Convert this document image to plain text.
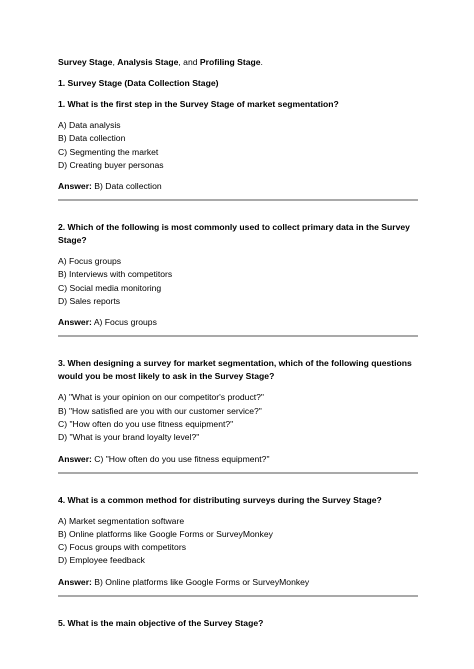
Survey Stage, Analysis Stage, and Profiling Stage.
1. Survey Stage (Data Collection Stage)
1. What is the first step in the Survey Stage of market segmentation?
A) Data analysis
B) Data collection
C) Segmenting the market
D) Creating buyer personas
Answer: B) Data collection
2. Which of the following is most commonly used to collect primary data in the Survey Stage?
A) Focus groups
B) Interviews with competitors
C) Social media monitoring
D) Sales reports
Answer: A) Focus groups
3. When designing a survey for market segmentation, which of the following questions would you be most likely to ask in the Survey Stage?
A) "What is your opinion on our competitor's product?"
B) "How satisfied are you with our customer service?"
C) "How often do you use fitness equipment?"
D) "What is your brand loyalty level?"
Answer: C) "How often do you use fitness equipment?"
4. What is a common method for distributing surveys during the Survey Stage?
A) Market segmentation software
B) Online platforms like Google Forms or SurveyMonkey
C) Focus groups with competitors
D) Employee feedback
Answer: B) Online platforms like Google Forms or SurveyMonkey
5. What is the main objective of the Survey Stage?
